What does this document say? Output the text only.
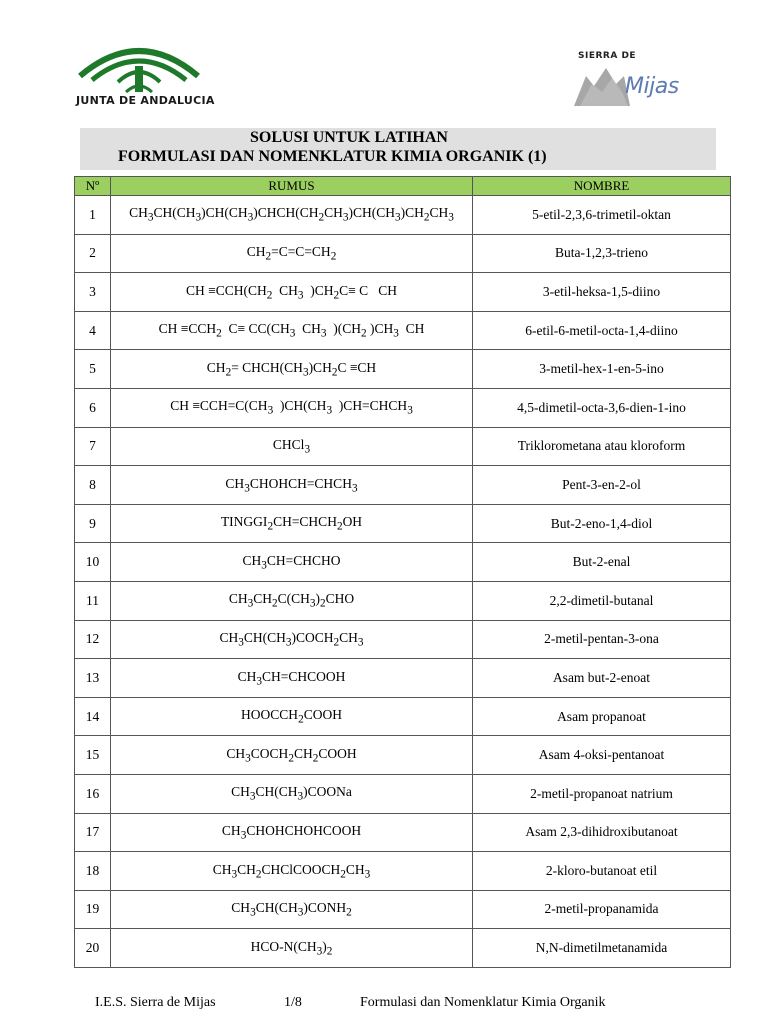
JUNTA DE ANDALUCIA
SIERRA DE
Mijas
SOLUSI UNTUK LATIHAN
FORMULASI DAN NOMENKLATUR KIMIA ORGANIK (1)
Nº	RUMUS	NOMBRE
1	$CH_3CH(CH_3)CH(CH_3)CHCH(CH_2CH_3)CH(CH_3)CH_2CH_3$	5-etil-2,3,6-trimetil-oktan
2	$CH_2=C=C=CH_2$	Buta-1,2,3-trieno
3	CH $\equiv CCH(CH_2$  $CH_3$  )$CH_2C\equiv C$   CH	3-etil-heksa-1,5-diino
4	CH $\equiv CCH_2$  $C\equiv CC(CH_3$  $CH_3$  )($CH_2$ )$CH_3$  CH	6-etil-6-metil-octa-1,4-diino
5	$CH_2=$ $CHCH(CH_3)CH_2C \equiv CH$	3-metil-hex-1-en-5-ino
6	CH $\equiv CCH=C(CH_3$  )$CH(CH_3$  )$CH=CHCH_3$	4,5-dimetil-octa-3,6-dien-1-ino
7	CHCl$_3$	Triklorometana atau kloroform
8	$CH_3CHOHCH=CHCH_3$	Pent-3-en-2-ol
9	$TINGGI_2CH=CHCH_2OH$	But-2-eno-1,4-diol
10	$CH_3CH=CHCHO$	But-2-enal
11	$CH_3CH_2C(CH_3)_2CHO$	2,2-dimetil-butanal
12	$CH_3CH(CH_3)COCH_2CH_3$	2-metil-pentan-3-ona
13	$CH_3CH=CHCOOH$	Asam but-2-enoat
14	$HOOCCH_2COOH$	Asam propanoat
15	$CH_3COCH_2CH_2COOH$	Asam 4-oksi-pentanoat
16	$CH_3CH(CH_3)COONa$	2-metil-propanoat natrium
17	$CH_3CHOHCHOHCOOH$	Asam 2,3-dihidroxibutanoat
18	$CH_3CH_2CHClCOOCH_2CH_3$	2-kloro-butanoat etil
19	$CH_3CH(CH_3)CONH_2$	2-metil-propanamida
20	HCO-$N(CH_3)_2$	N,N-dimetilmetanamida
I.E.S. Sierra de Mijas	1/8	Formulasi dan Nomenklatur Kimia Organik
